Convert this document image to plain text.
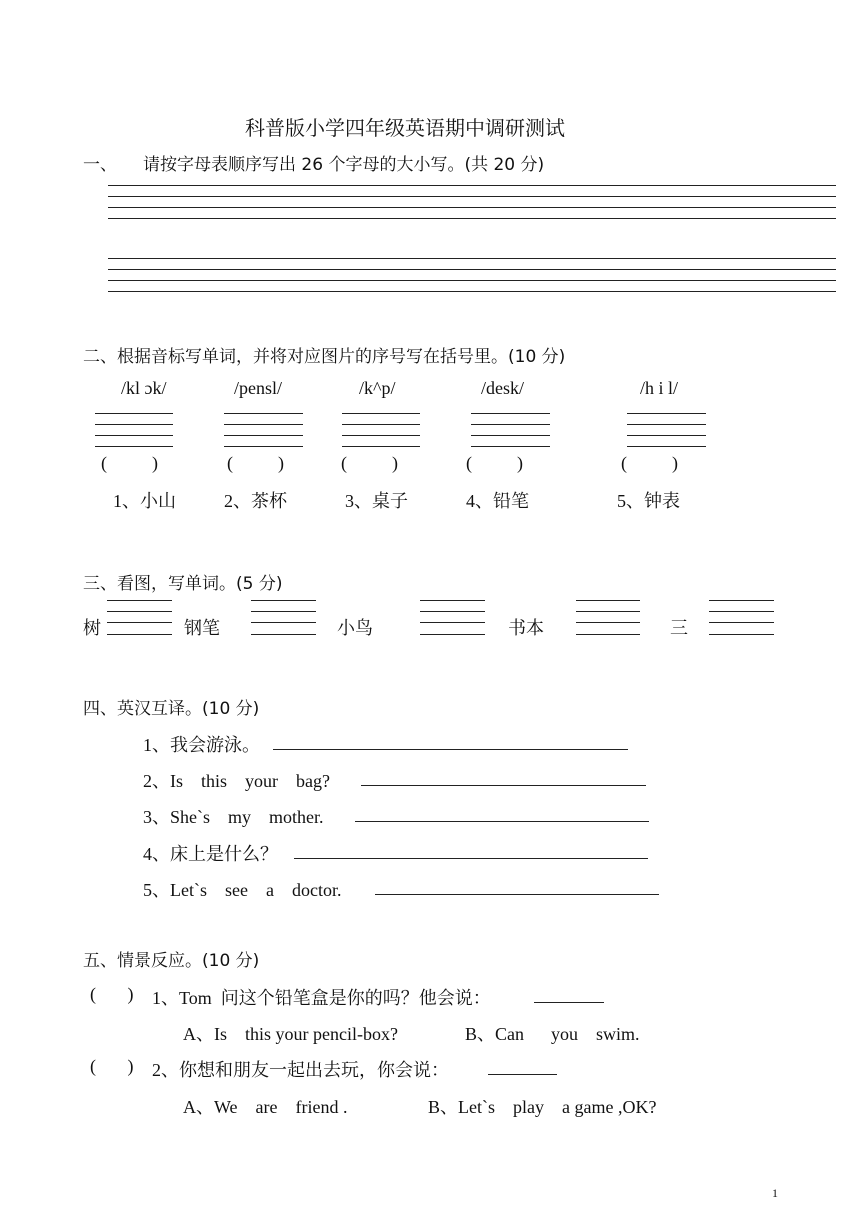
科普版小学四年级英语期中调研测试
一、 请按字母表顺序写出 26 个字母的大小写。(共 20 分)
二、根据音标写单词，并将对应图片的序号写在括号里。(10 分)
/kl ɔk/	/pensl/	/k^p/	/desk/	/h i l/
(          )	(          )	(          )	(          )	(          )
1、小山	2、茶杯	3、桌子	4、铅笔	5、钟表
三、看图，写单词。(5 分)
树	钢笔	小鸟	书本	三
四、英汉互译。(10 分)
1、我会游泳。
2、Is    this    your    bag?
3、She`s    my    mother.
4、床上是什么？
5、Let`s    see    a    doctor.
五、情景反应。(10 分)
(       ) 1、Tom  问这个铅笔盒是你的吗？他会说：
A、Is    this your pencil-box?	B、Can      you    swim.
(       ) 2、你想和朋友一起出去玩，你会说：
A、We    are    friend .	B、Let`s    play    a game ,OK?
1
